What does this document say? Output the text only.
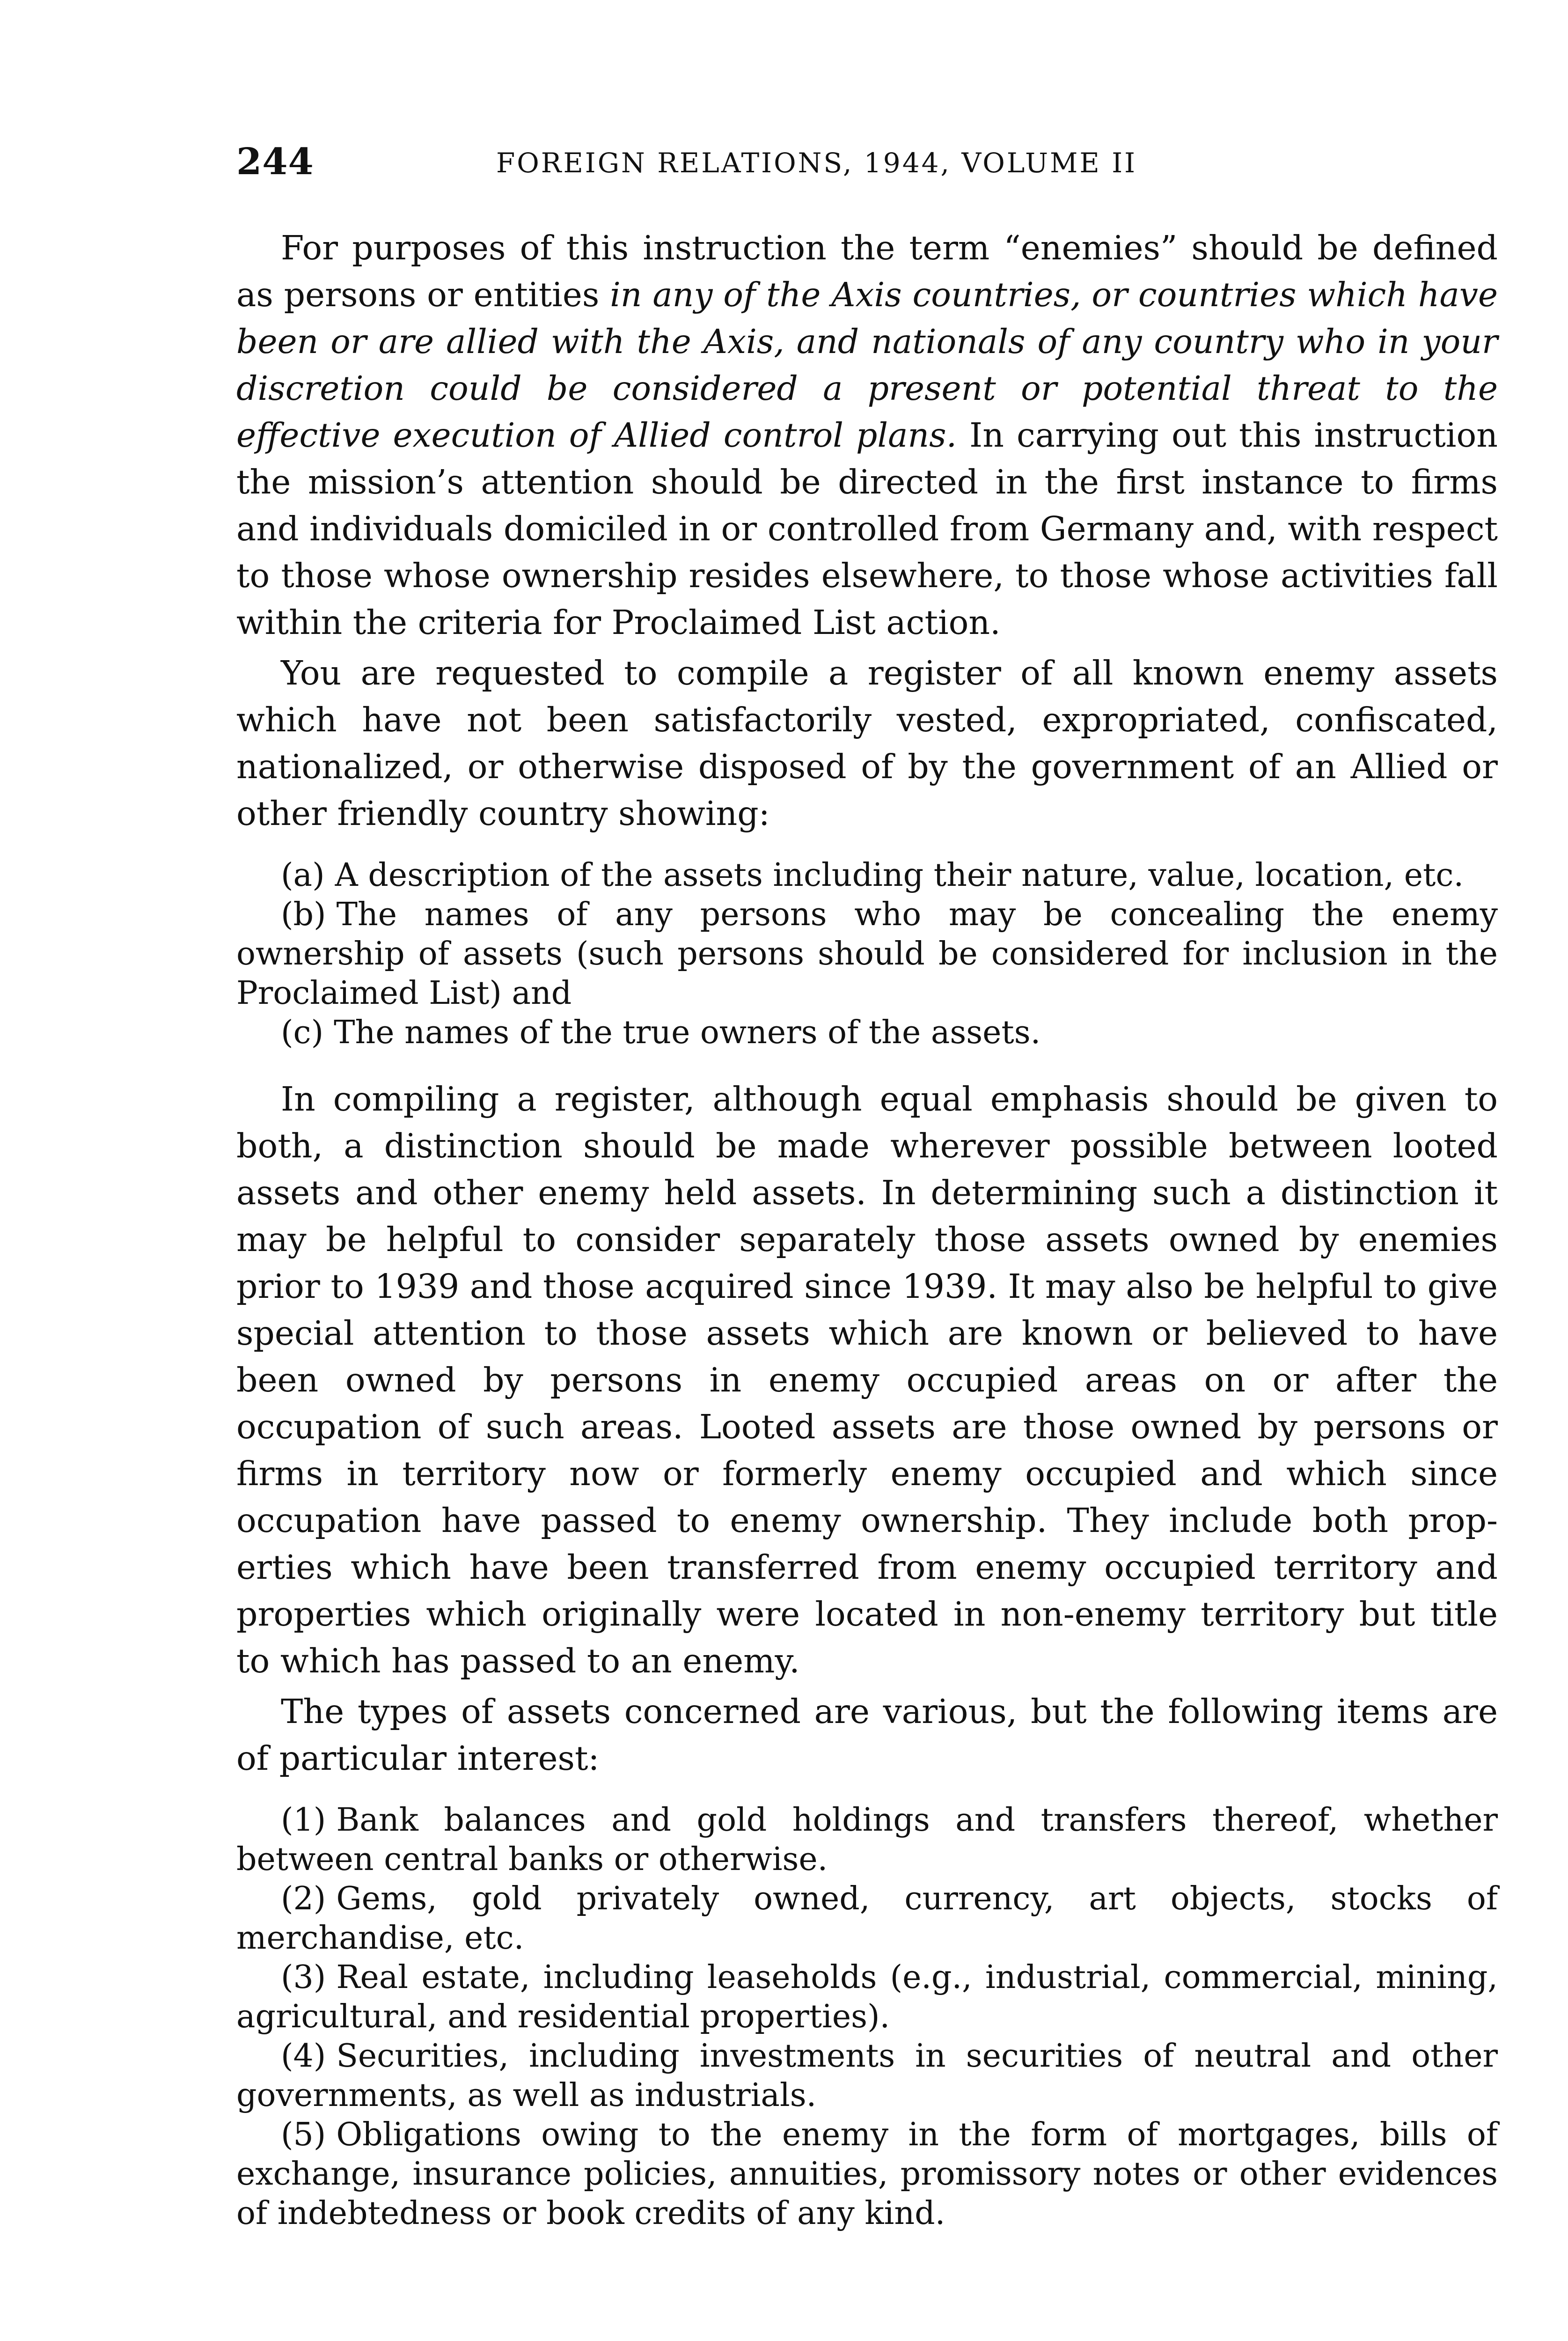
244	FOREIGN RELATIONS, 1944, VOLUME II

For purposes of this instruction the term “enemies” should be defined as persons or entities in any of the Axis countries, or countries which have been or are allied with the Axis, and nationals of any country who in your discretion could be considered a present or potential threat to the effective execution of Allied control plans. In carrying out this instruction the mission’s attention should be directed in the first instance to firms and individuals domiciled in or controlled from Germany and, with respect to those whose ownership resides elsewhere, to those whose activities fall within the criteria for Proclaimed List action.

You are requested to compile a register of all known enemy assets which have not been satisfactorily vested, expropriated, confiscated, nationalized, or otherwise disposed of by the government of an Allied or other friendly country showing:

(a) A description of the assets including their nature, value, location, etc.

(b) The names of any persons who may be concealing the enemy ownership of assets (such persons should be considered for inclusion in the Proclaimed List) and

(c) The names of the true owners of the assets.

In compiling a register, although equal emphasis should be given to both, a distinction should be made wherever possible between looted assets and other enemy held assets. In determining such a distinction it may be helpful to consider separately those assets owned by enemies prior to 1939 and those acquired since 1939. It may also be helpful to give special attention to those assets which are known or believed to have been owned by persons in enemy occupied areas on or after the occupation of such areas. Looted assets are those owned by persons or firms in territory now or formerly enemy occupied and which since occupation have passed to enemy ownership. They include both properties which have been transferred from enemy occupied territory and properties which originally were located in non-enemy territory but title to which has passed to an enemy.

The types of assets concerned are various, but the following items are of particular interest:

(1) Bank balances and gold holdings and transfers thereof, whether between central banks or otherwise.

(2) Gems, gold privately owned, currency, art objects, stocks of merchandise, etc.

(3) Real estate, including leaseholds (e.g., industrial, commercial, mining, agricultural, and residential properties).

(4) Securities, including investments in securities of neutral and other governments, as well as industrials.

(5) Obligations owing to the enemy in the form of mortgages, bills of exchange, insurance policies, annuities, promissory notes or other evidences of indebtedness or book credits of any kind.
